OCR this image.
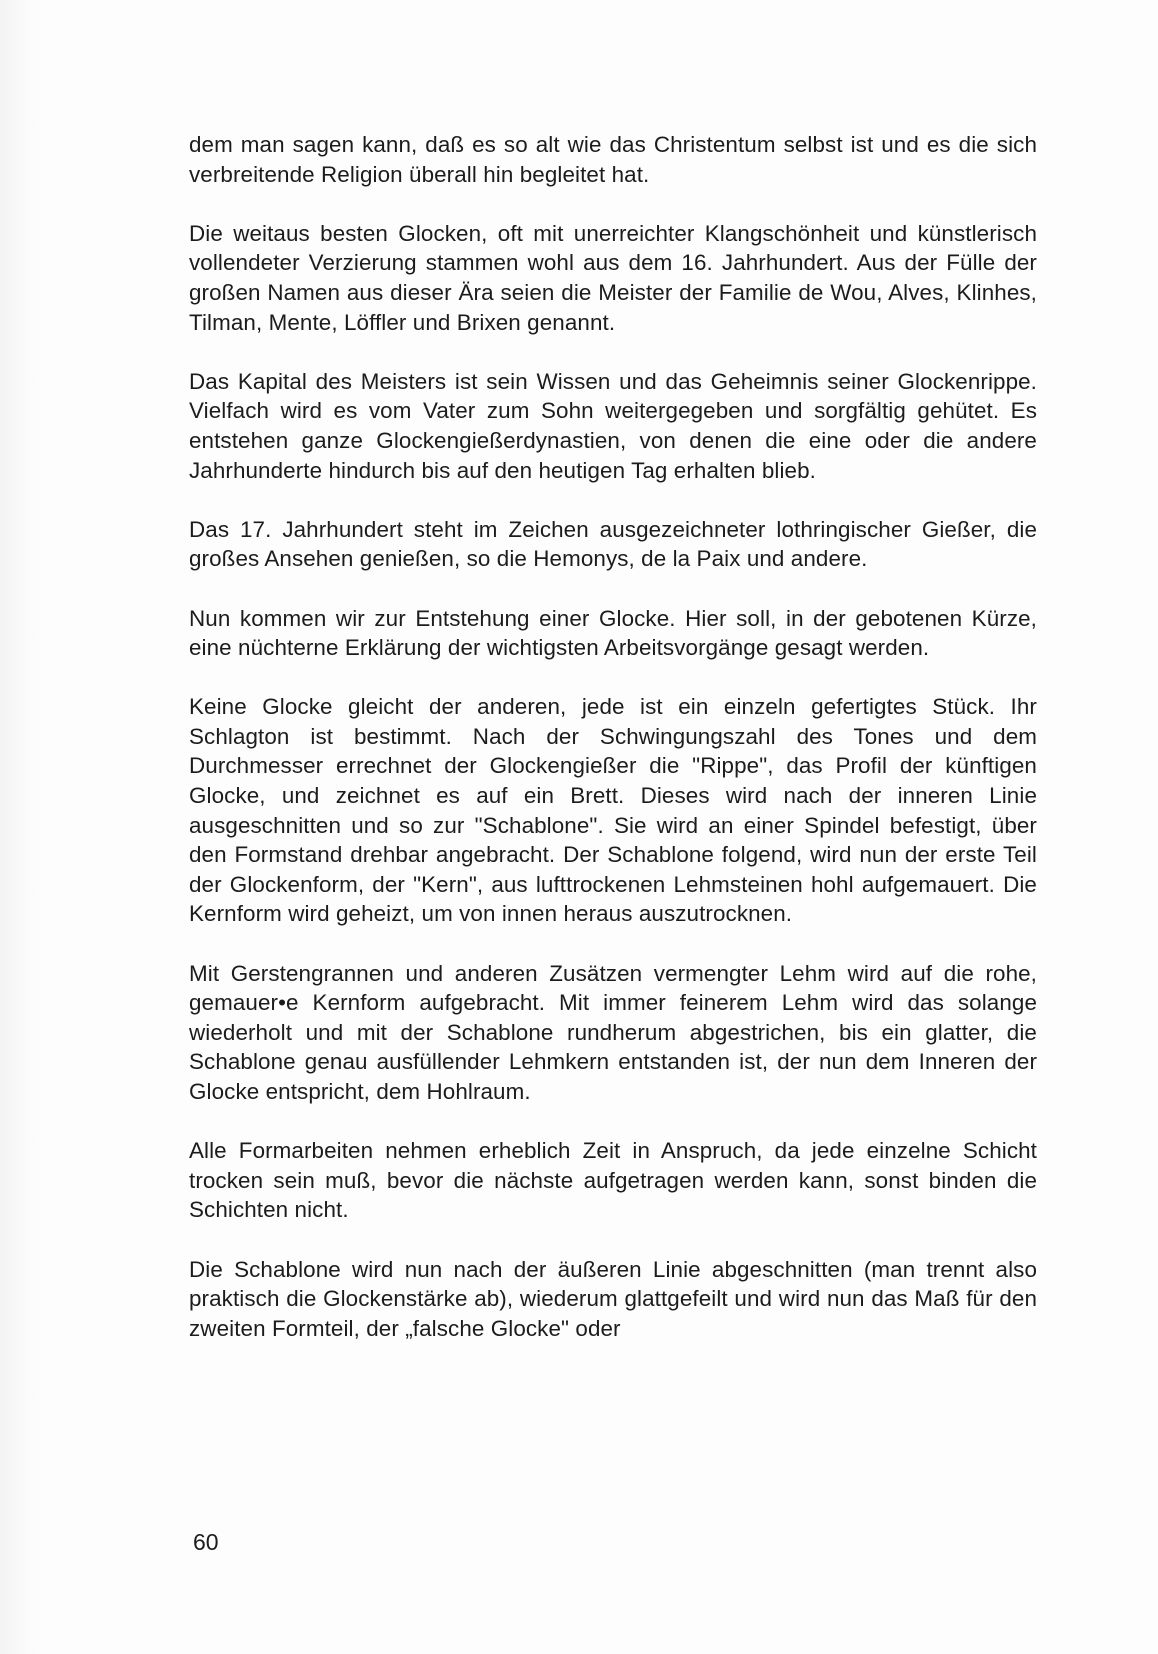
dem man sagen kann, daß es so alt wie das Christentum selbst ist und es die sich verbreitende Religion überall hin begleitet hat.

Die weitaus besten Glocken, oft mit unerreichter Klangschönheit und künstlerisch vollendeter Verzierung stammen wohl aus dem 16. Jahrhundert. Aus der Fülle der großen Namen aus dieser Ära seien die Meister der Familie de Wou, Alves, Klinhes, Tilman, Mente, Löffler und Brixen genannt.

Das Kapital des Meisters ist sein Wissen und das Geheimnis seiner Glockenrippe. Vielfach wird es vom Vater zum Sohn weitergegeben und sorgfältig gehütet. Es entstehen ganze Glockengießerdynastien, von denen die eine oder die andere Jahrhunderte hindurch bis auf den heutigen Tag erhalten blieb.

Das 17. Jahrhundert steht im Zeichen ausgezeichneter lothringischer Gießer, die großes Ansehen genießen, so die Hemonys, de la Paix und andere.

Nun kommen wir zur Entstehung einer Glocke. Hier soll, in der gebotenen Kürze, eine nüchterne Erklärung der wichtigsten Arbeitsvorgänge gesagt werden.

Keine Glocke gleicht der anderen, jede ist ein einzeln gefertigtes Stück. Ihr Schlagton ist bestimmt. Nach der Schwingungszahl des Tones und dem Durchmesser errechnet der Glockengießer die "Rippe", das Profil der künftigen Glocke, und zeichnet es auf ein Brett. Dieses wird nach der inneren Linie ausgeschnitten und so zur "Schablone". Sie wird an einer Spindel befestigt, über den Formstand drehbar angebracht. Der Schablone folgend, wird nun der erste Teil der Glockenform, der "Kern", aus lufttrockenen Lehmsteinen hohl aufgemauert. Die Kernform wird geheizt, um von innen heraus auszutrocknen.

Mit Gerstengrannen und anderen Zusätzen vermengter Lehm wird auf die rohe, gemauer•e Kernform aufgebracht. Mit immer feinerem Lehm wird das solange wiederholt und mit der Schablone rundherum abgestrichen, bis ein glatter, die Schablone genau ausfüllender Lehmkern entstanden ist, der nun dem Inneren der Glocke entspricht, dem Hohlraum.

Alle Formarbeiten nehmen erheblich Zeit in Anspruch, da jede einzelne Schicht trocken sein muß, bevor die nächste aufgetragen werden kann, sonst binden die Schichten nicht.

Die Schablone wird nun nach der äußeren Linie abgeschnitten (man trennt also praktisch die Glockenstärke ab), wiederum glattgefeilt und wird nun das Maß für den zweiten Formteil, der „falsche Glocke" oder

60
